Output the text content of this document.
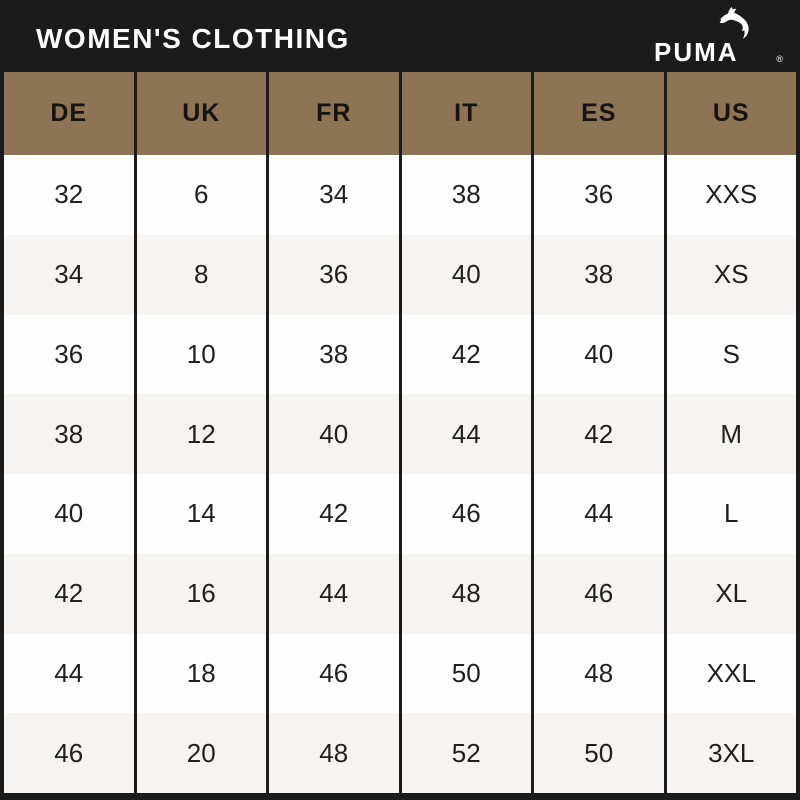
WOMEN'S CLOTHING	PUMA	®
DE	UK	FR	IT	ES	US
32	6	34	38	36	XXS
34	8	36	40	38	XS
36	10	38	42	40	S
38	12	40	44	42	M
40	14	42	46	44	L
42	16	44	48	46	XL
44	18	46	50	48	XXL
46	20	48	52	50	3XL
